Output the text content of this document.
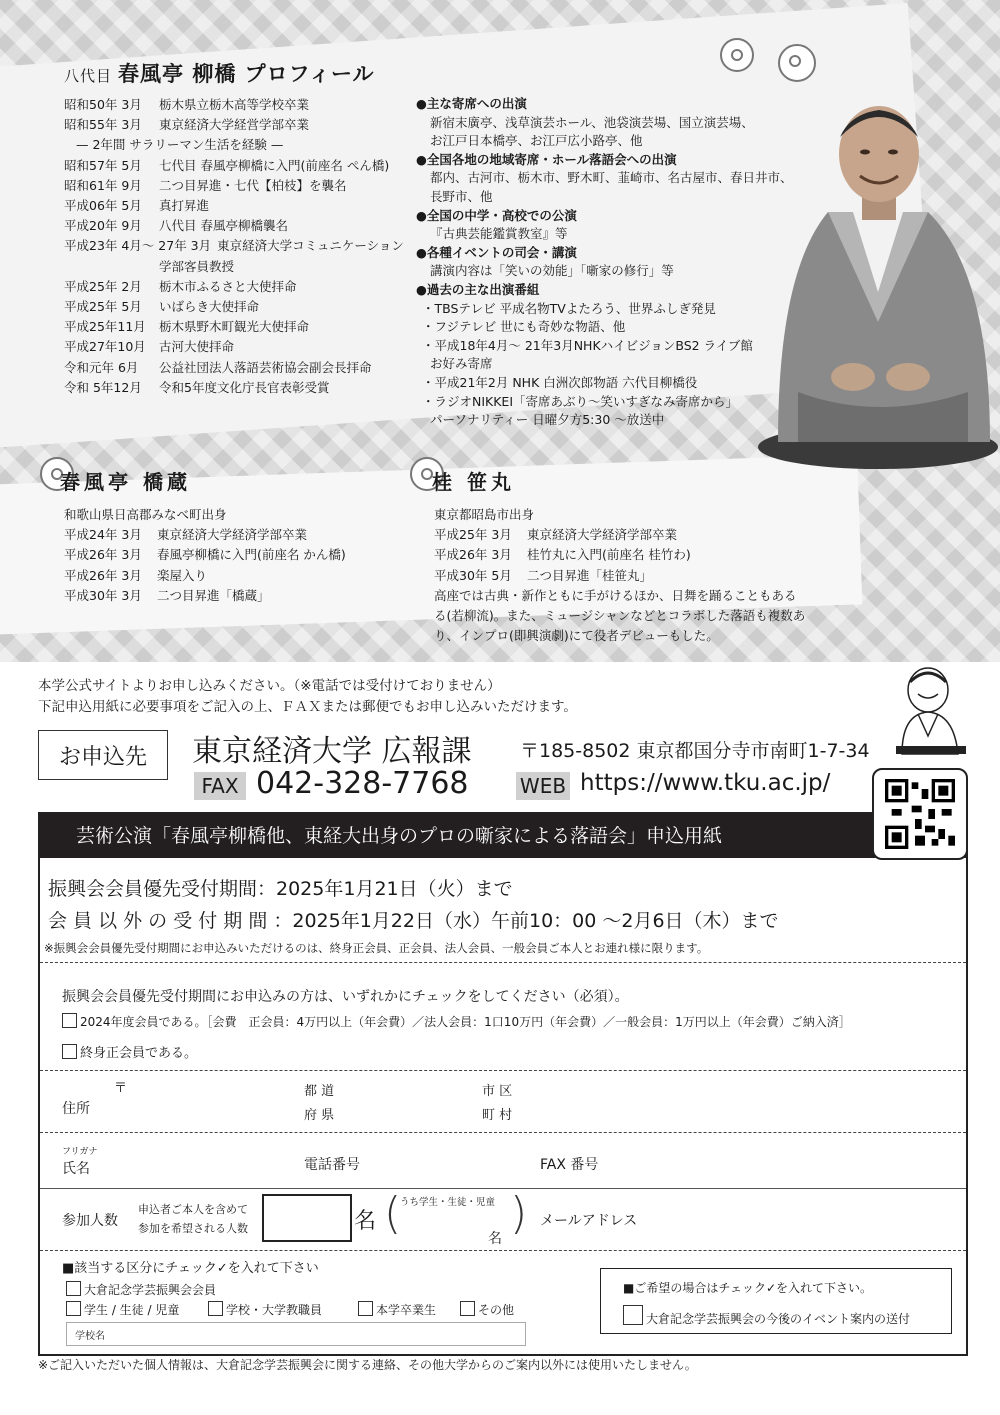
八代目 春風亭 柳橋 プロフィール
昭和50年 3月	栃木県立栃木高等学校卒業
昭和55年 3月	東京経済大学経営学部卒業
— 2年間 サラリーマン生活を経験 —
昭和57年 5月	七代目 春風亭柳橋に入門(前座名 ぺん橋)
昭和61年 9月	二つ目昇進・七代【柏枝】を襲名
平成06年 5月	真打昇進
平成20年 9月	八代目 春風亭柳橋襲名
平成23年 4月～ 27年 3月 東京経済大学コミュニケーション
学部客員教授
平成25年 2月	栃木市ふるさと大使拝命
平成25年 5月	いばらき大使拝命
平成25年11月	栃木県野木町観光大使拝命
平成27年10月	古河大使拝命
令和元年 6月	公益社団法人落語芸術協会副会長拝命
令和 5年12月	令和5年度文化庁長官表彰受賞
●主な寄席への出演
新宿末廣亭、浅草演芸ホール、池袋演芸場、国立演芸場、
お江戸日本橋亭、お江戸広小路亭、他
●全国各地の地域寄席・ホール落語会への出演
都内、古河市、栃木市、野木町、韮崎市、名古屋市、春日井市、
長野市、他
●全国の中学・高校での公演
『古典芸能鑑賞教室』等
●各種イベントの司会・講演
講演内容は「笑いの効能」「噺家の修行」等
●過去の主な出演番組
・TBSテレビ 平成名物TVよたろう、世界ふしぎ発見
・フジテレビ 世にも奇妙な物語、他
・平成18年4月～ 21年3月NHKハイビジョンBS2 ライブ館
お好み寄席
・平成21年2月 NHK 白洲次郎物語 六代目柳橋役
・ラジオNIKKEI「寄席あぶり～笑いすぎなみ寄席から」
パーソナリティー 日曜夕方5:30 ～放送中
春風亭 橋蔵	桂 笹丸
和歌山県日高郡みなべ町出身
平成24年 3月	東京経済大学経済学部卒業
平成26年 3月	春風亭柳橋に入門(前座名 かん橋)
平成26年 3月	楽屋入り
平成30年 3月	二つ目昇進「橋蔵」
東京都昭島市出身
平成25年 3月	東京経済大学経済学部卒業
平成26年 3月	桂竹丸に入門(前座名 桂竹わ)
平成30年 5月	二つ目昇進「桂笹丸」
高座では古典・新作ともに手がけるほか、日舞を踊ることもある
る(若柳流)。また、ミュージシャンなどとコラボした落語も複数あ
り、インプロ(即興演劇)にて役者デビューもした。
本学公式サイトよりお申し込みください。（※電話では受付けておりません）
下記申込用紙に必要事項をご記入の上、ＦＡＸまたは郵便でもお申し込みいただけます。
お申込先	東京経済大学 広報課	〒185-8502 東京都国分寺市南町1-7-34
FAX 042-328-7768	WEB https://www.tku.ac.jp/
芸術公演「春風亭柳橋他、東経大出身のプロの噺家による落語会」申込用紙
振興会会員優先受付期間：2025年1月21日（火）まで
会 員 以 外 の 受 付 期 間 ：2025年1月22日（水）午前10：00 ～2月6日（木）まで
※振興会会員優先受付期間にお申込みいただけるのは、終身正会員、正会員、法人会員、一般会員ご本人とお連れ様に限ります。
振興会会員優先受付期間にお申込みの方は、いずれかにチェックをしてください（必須）。
2024年度会員である。［会費　正会員：4万円以上（年会費）／法人会員：1口10万円（年会費）／一般会員：1万円以上（年会費）ご納入済］
終身正会員である。
〒
住所
都 道
府 県
市 区
町 村
フリガナ
氏名	電話番号	FAX 番号
参加人数
申込者ご本人を含めて
参加を希望される人数	名 ( )
うち学生・生徒・児童
名
メールアドレス
■該当する区分にチェック✓を入れて下さい
大倉記念学芸振興会会員
学生 / 生徒 / 児童	学校・大学教職員	本学卒業生	その他
学校名
■ご希望の場合はチェック✓を入れて下さい。
大倉記念学芸振興会の今後のイベント案内の送付
※ご記入いただいた個人情報は、大倉記念学芸振興会に関する連絡、その他大学からのご案内以外には使用いたしません。
